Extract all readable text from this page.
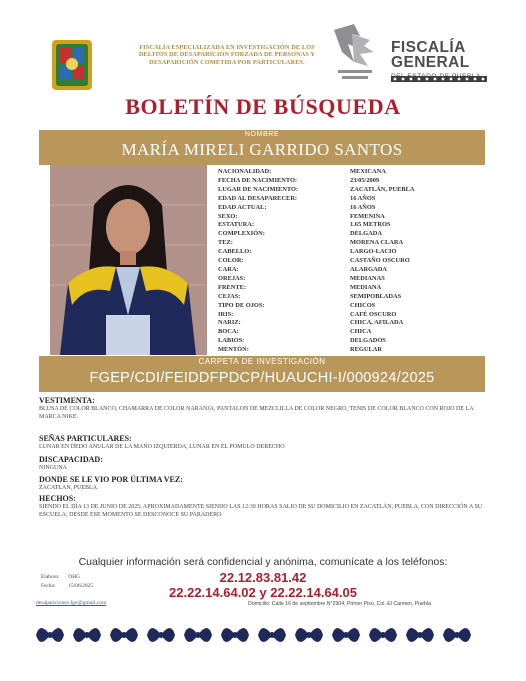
FISCALÍA ESPECIALIZADA EN INVESTIGACIÓN DE LOS DELITOS DE DESAPARICIÓN FORZADA DE PERSONAS Y DESAPARICIÓN COMETIDA POR PARTICULARES.
FISCALÍA
GENERAL
BOLETÍN DE BÚSQUEDA
NOMBRE
MARÍA MIRELI GARRIDO SANTOS
NACIONALIDAD:
FECHA DE NACIMIENTO:
LUGAR DE NACIMIENTO:
EDAD AL DESAPARECER:
EDAD ACTUAL:
SEXO:
ESTATURA:
COMPLEXIÓN:
TEZ:
CABELLO:
COLOR:
CARA:
OREJAS:
FRENTE:
CEJAS:
TIPO DE OJOS:
IRIS:
NARIZ:
BOCA:
LABIOS:
MENTÓN:
MEXICANA
23/05/2009
ZACATLÁN, PUEBLA
16 AÑOS
16 AÑOS
FEMENINA
1.65 METROS
DELGADA
MORENA CLARA
LARGO-LACIO
CASTAÑO OSCURO
ALARGADA
MEDIANAS
MEDIANA
SEMIPOBLADAS
CHICOS
CAFÉ OSCURO
CHICA, AFILADA
CHICA
DELGADOS
REGULAR
CARPETA DE INVESTIGACIÓN
FGEP/CDI/FEIDDFPDCP/HUAUCHI-I/000924/2025
VESTIMENTA:
BLUSA DE COLOR BLANCO, CHAMARRA DE COLOR NARANJA, PANTALON DE MEZCLILLA DE COLOR NEGRO, TENIS DE COLOR BLANCO CON ROJO DE LA MARCA NIKE.
SEÑAS PARTICULARES:
LUNAR EN DEDO ANULAR DE LA MANO IZQUIERDA, LUNAR EN EL POMULO DERECHO
DISCAPACIDAD:
NINGUNA
DONDE SE LE VIO POR ÚLTIMA VEZ:
ZACATLAN, PUEBLA.
HECHOS:
SIENDO EL DÍA 13 DE JUNIO DE 2025, APROXIMADAMENTE SIENDO LAS 12:30 HORAS SALIO DE SU DOMICILIO EN ZACATLÁN, PUEBLA, CON DIRECCIÓN A SU ESCUELA; DESDE ESE MOMENTO SE DESCONOCE SU PARADERO
Cualquier información será confidencial y anónima, comunícate a los teléfonos:
22.12.83.81.42
22.22.14.64.02 y 22.22.14.64.05
Elaboro: OHG
Fecha: 15/06/2025
desapariciones.fge@gmail.com	Domicilio: Calle 16 de septiembre N°2904, Primer Piso, Col. El Carmen, Puebla
